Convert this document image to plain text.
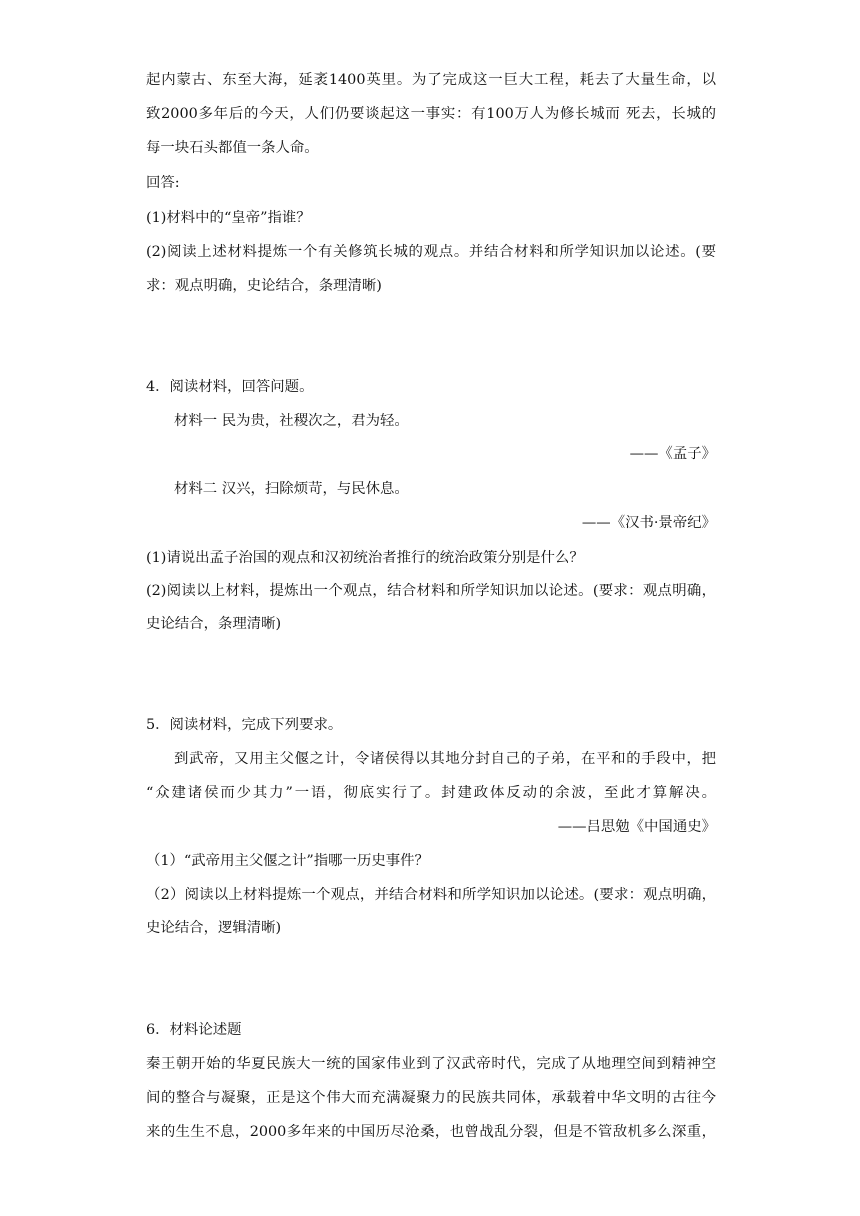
起内蒙古、东至大海，延袤1400英里。为了完成这一巨大工程，耗去了大量生命，以
致2000多年后的今天，人们仍要谈起这一事实：有100万人为修长城而 死去，长城的
每一块石头都值一条人命。
回答:
(1)材料中的“皇帝”指谁？
(2)阅读上述材料提炼一个有关修筑长城的观点。并结合材料和所学知识加以论述。(要
求：观点明确，史论结合，条理清晰)
4．阅读材料，回答问题。
材料一 民为贵，社稷次之，君为轻。
——《孟子》
材料二 汉兴，扫除烦苛，与民休息。
——《汉书·景帝纪》
(1)请说出孟子治国的观点和汉初统治者推行的统治政策分别是什么？
(2)阅读以上材料，提炼出一个观点，结合材料和所学知识加以论述。(要求：观点明确，
史论结合，条理清晰)
5．阅读材料，完成下列要求。
到武帝，又用主父偃之计，令诸侯得以其地分封自己的子弟，在平和的手段中，把
“众建诸侯而少其力”一语，彻底实行了。封建政体反动的余波，至此才算解决。
——吕思勉《中国通史》
（1）“武帝用主父偃之计”指哪一历史事件？
（2）阅读以上材料提炼一个观点，并结合材料和所学知识加以论述。(要求：观点明确，
史论结合，逻辑清晰)
6．材料论述题
秦王朝开始的华夏民族大一统的国家伟业到了汉武帝时代，完成了从地理空间到精神空
间的整合与凝聚，正是这个伟大而充满凝聚力的民族共同体，承载着中华文明的古往今
来的生生不息，2000多年来的中国历尽沧桑，也曾战乱分裂，但是不管敌机多么深重，
